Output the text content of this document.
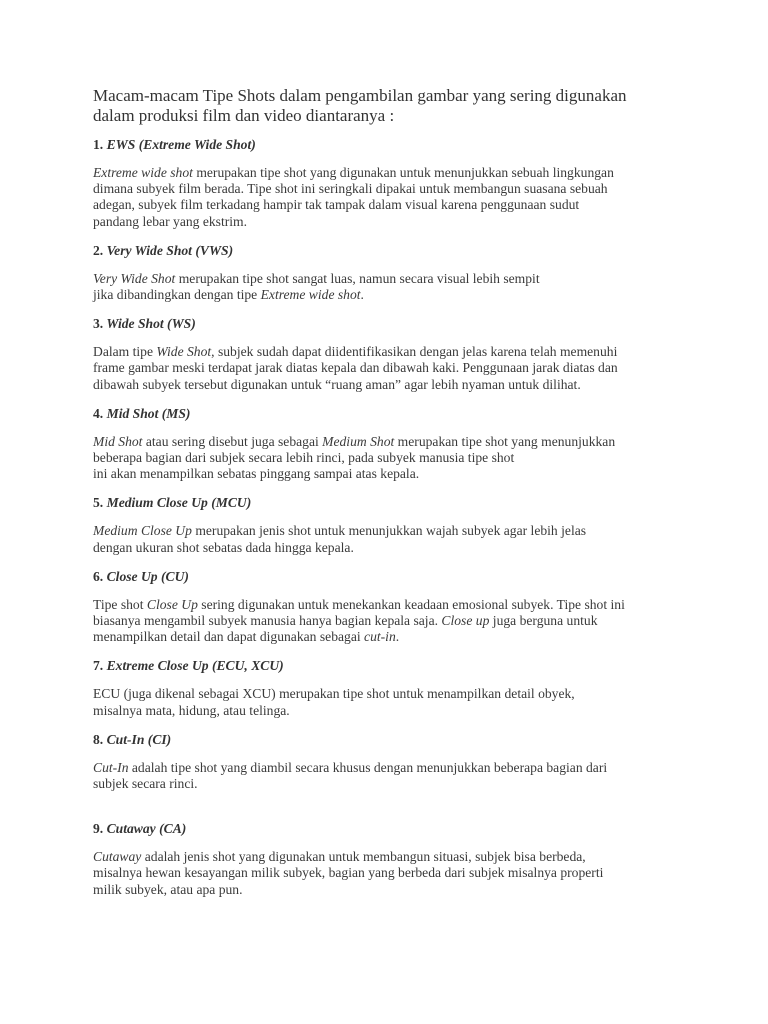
Macam-macam Tipe Shots dalam pengambilan gambar yang sering digunakan
dalam produksi film dan video diantaranya :

1. EWS (Extreme Wide Shot)

Extreme wide shot merupakan tipe shot yang digunakan untuk menunjukkan sebuah lingkungan
dimana subyek film berada. Tipe shot ini seringkali dipakai untuk membangun suasana sebuah
adegan, subyek film terkadang hampir tak tampak dalam visual karena penggunaan sudut
pandang lebar yang ekstrim.

2. Very Wide Shot (VWS)

Very Wide Shot merupakan tipe shot sangat luas, namun secara visual lebih sempit
jika dibandingkan dengan tipe Extreme wide shot.

3. Wide Shot (WS)

Dalam tipe Wide Shot, subjek sudah dapat diidentifikasikan dengan jelas karena telah memenuhi
frame gambar meski terdapat jarak diatas kepala dan dibawah kaki. Penggunaan jarak diatas dan
dibawah subyek tersebut digunakan untuk “ruang aman” agar lebih nyaman untuk dilihat.

4. Mid Shot (MS)

Mid Shot atau sering disebut juga sebagai Medium Shot merupakan tipe shot yang menunjukkan
beberapa bagian dari subjek secara lebih rinci, pada subyek manusia tipe shot
ini akan menampilkan sebatas pinggang sampai atas kepala.

5. Medium Close Up (MCU)

Medium Close Up merupakan jenis shot untuk menunjukkan wajah subyek agar lebih jelas
dengan ukuran shot sebatas dada hingga kepala.

6. Close Up (CU)

Tipe shot Close Up sering digunakan untuk menekankan keadaan emosional subyek. Tipe shot ini
biasanya mengambil subyek manusia hanya bagian kepala saja. Close up juga berguna untuk
menampilkan detail dan dapat digunakan sebagai cut-in.

7. Extreme Close Up (ECU, XCU)

ECU (juga dikenal sebagai XCU) merupakan tipe shot untuk menampilkan detail obyek,
misalnya mata, hidung, atau telinga.

8. Cut-In (CI)

Cut-In adalah tipe shot yang diambil secara khusus dengan menunjukkan beberapa bagian dari
subjek secara rinci.

9. Cutaway (CA)

Cutaway adalah jenis shot yang digunakan untuk membangun situasi, subjek bisa berbeda,
misalnya hewan kesayangan milik subyek, bagian yang berbeda dari subjek misalnya properti
milik subyek, atau apa pun.
